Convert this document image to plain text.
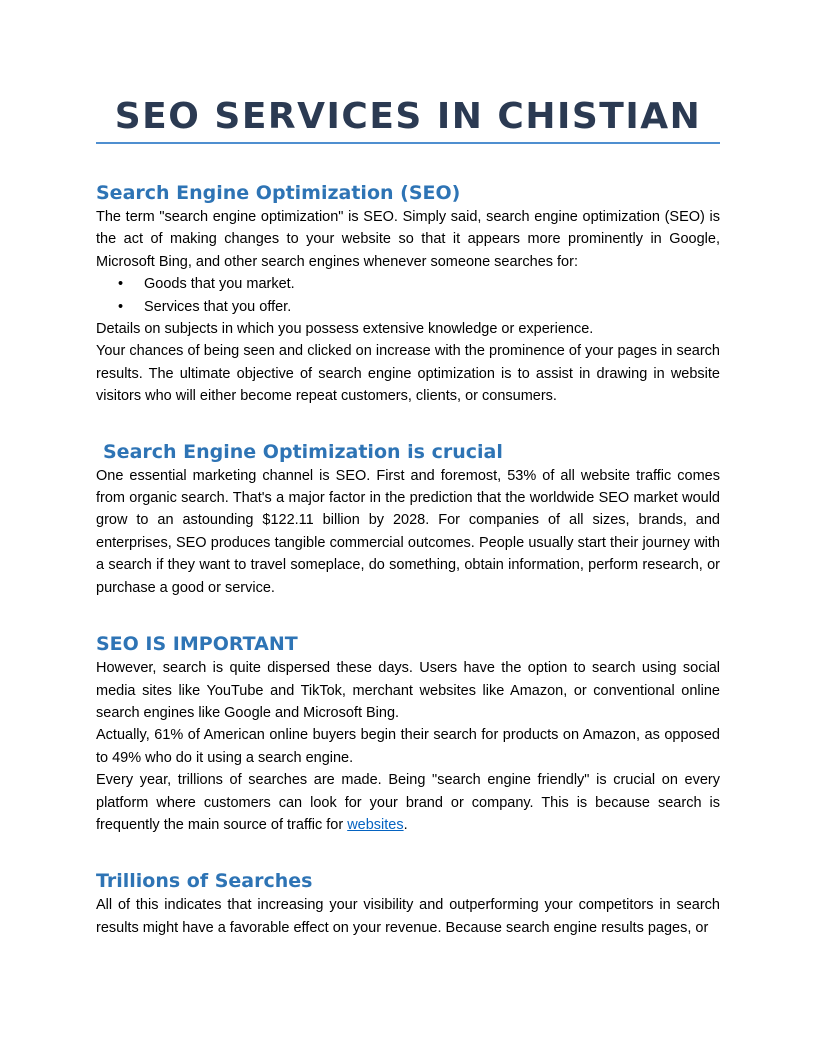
SEO SERVICES IN CHISTIAN
Search Engine Optimization (SEO)

The term "search engine optimization" is SEO. Simply said, search engine optimization (SEO) is the act of making changes to your website so that it appears more prominently in Google, Microsoft Bing, and other search engines whenever someone searches for:

• Goods that you market.
• Services that you offer.

Details on subjects in which you possess extensive knowledge or experience.

Your chances of being seen and clicked on increase with the prominence of your pages in search results. The ultimate objective of search engine optimization is to assist in drawing in website visitors who will either become repeat customers, clients, or consumers.

Search Engine Optimization is crucial

One essential marketing channel is SEO. First and foremost, 53% of all website traffic comes from organic search. That's a major factor in the prediction that the worldwide SEO market would grow to an astounding $122.11 billion by 2028. For companies of all sizes, brands, and enterprises, SEO produces tangible commercial outcomes. People usually start their journey with a search if they want to travel someplace, do something, obtain information, perform research, or purchase a good or service.

SEO IS IMPORTANT

However, search is quite dispersed these days. Users have the option to search using social media sites like YouTube and TikTok, merchant websites like Amazon, or conventional online search engines like Google and Microsoft Bing.

Actually, 61% of American online buyers begin their search for products on Amazon, as opposed to 49% who do it using a search engine.

Every year, trillions of searches are made. Being "search engine friendly" is crucial on every platform where customers can look for your brand or company. This is because search is frequently the main source of traffic for websites.

Trillions of Searches

All of this indicates that increasing your visibility and outperforming your competitors in search results might have a favorable effect on your revenue. Because search engine results pages, or
